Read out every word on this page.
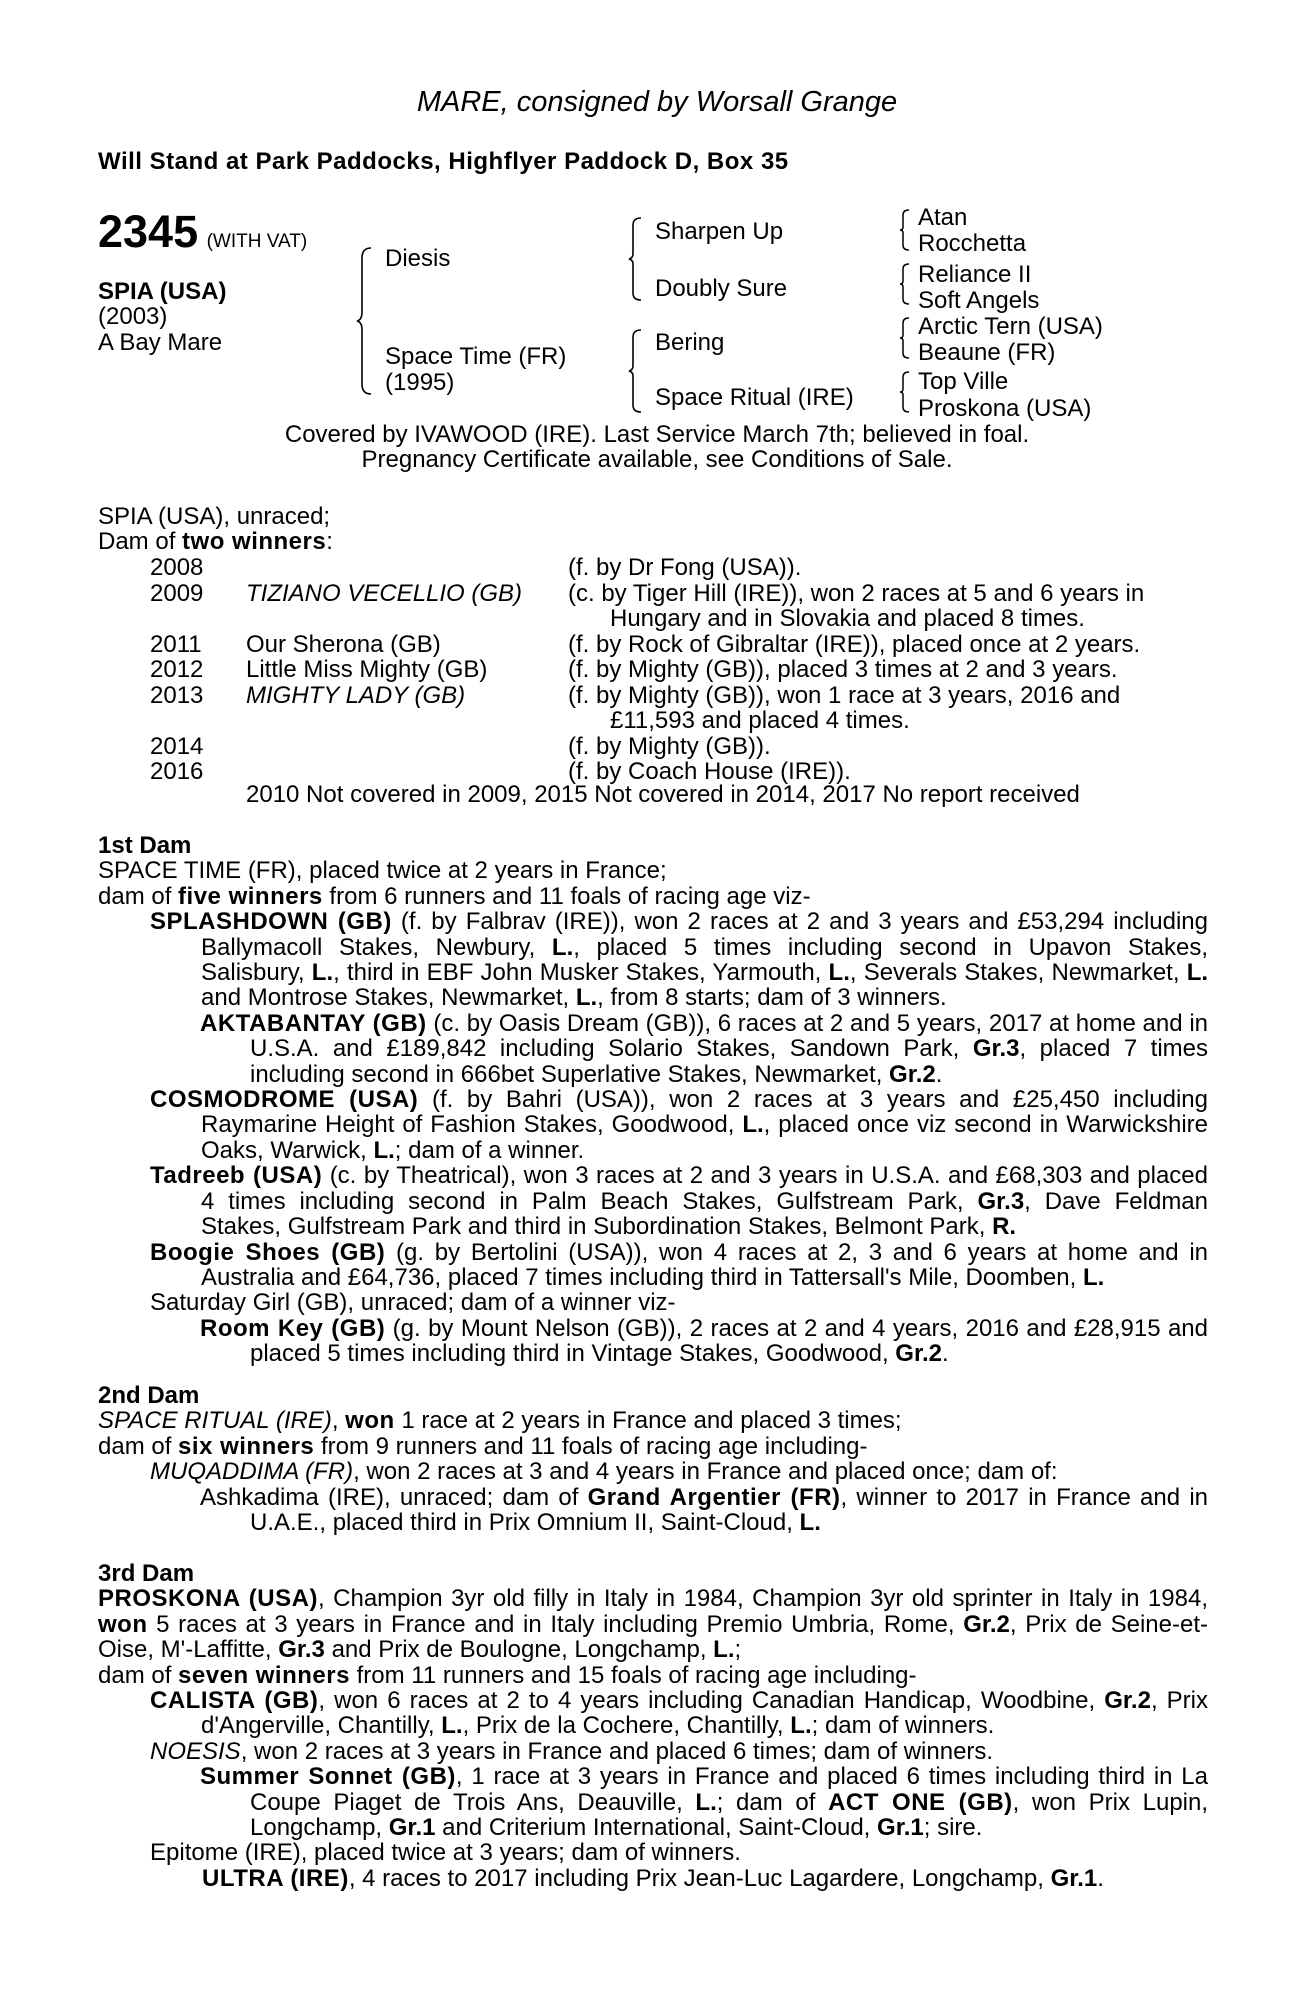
MARE, consigned by Worsall Grange
Will Stand at Park Paddocks, Highflyer Paddock D, Box 35
2345 (WITH VAT)
SPIA (USA)
(2003)
A Bay Mare
Diesis
Space Time (FR)
(1995)
Sharpen Up
Doubly Sure
Bering
Space Ritual (IRE)
Atan
Rocchetta
Reliance II
Soft Angels
Arctic Tern (USA)
Beaune (FR)
Top Ville
Proskona (USA)
Covered by IVAWOOD (IRE). Last Service March 7th; believed in foal.
Pregnancy Certificate available, see Conditions of Sale.
SPIA (USA), unraced;
Dam of two winners:
2008		(f. by Dr Fong (USA)).

2009	TIZIANO VECELLIO (GB)	(c. by Tiger Hill (IRE)), won 2 races at 5 and 6 years in
Hungary and in Slovakia and placed 8 times.

2011	Our Sherona (GB)	(f. by Rock of Gibraltar (IRE)), placed once at 2 years.

2012	Little Miss Mighty (GB)	(f. by Mighty (GB)), placed 3 times at 2 and 3 years.

2013	MIGHTY LADY (GB)	(f. by Mighty (GB)), won 1 race at 3 years, 2016 and
£11,593 and placed 4 times.

2014		(f. by Mighty (GB)).

2016		(f. by Coach House (IRE)).
2010 Not covered in 2009, 2015 Not covered in 2014, 2017 No report received

1st Dam

SPACE TIME (FR), placed twice at 2 years in France;

dam of five winners from 6 runners and 11 foals of racing age viz-

SPLASHDOWN (GB) (f. by Falbrav (IRE)), won 2 races at 2 and 3 years and £53,294 including Ballymacoll Stakes, Newbury, L., placed 5 times including second in Upavon Stakes, Salisbury, L., third in EBF John Musker Stakes, Yarmouth, L., Severals Stakes, Newmarket, L. and Montrose Stakes, Newmarket, L., from 8 starts; dam of 3 winners.

AKTABANTAY (GB) (c. by Oasis Dream (GB)), 6 races at 2 and 5 years, 2017 at home and in U.S.A. and £189,842 including Solario Stakes, Sandown Park, Gr.3, placed 7 times including second in 666bet Superlative Stakes, Newmarket, Gr.2.

COSMODROME (USA) (f. by Bahri (USA)), won 2 races at 3 years and £25,450 including Raymarine Height of Fashion Stakes, Goodwood, L., placed once viz second in Warwickshire Oaks, Warwick, L.; dam of a winner.

Tadreeb (USA) (c. by Theatrical), won 3 races at 2 and 3 years in U.S.A. and £68,303 and placed 4 times including second in Palm Beach Stakes, Gulfstream Park, Gr.3, Dave Feldman Stakes, Gulfstream Park and third in Subordination Stakes, Belmont Park, R.

Boogie Shoes (GB) (g. by Bertolini (USA)), won 4 races at 2, 3 and 6 years at home and in Australia and £64,736, placed 7 times including third in Tattersall's Mile, Doomben, L.

Saturday Girl (GB), unraced; dam of a winner viz-

Room Key (GB) (g. by Mount Nelson (GB)), 2 races at 2 and 4 years, 2016 and £28,915 and placed 5 times including third in Vintage Stakes, Goodwood, Gr.2.

2nd Dam

SPACE RITUAL (IRE), won 1 race at 2 years in France and placed 3 times;

dam of six winners from 9 runners and 11 foals of racing age including-

MUQADDIMA (FR), won 2 races at 3 and 4 years in France and placed once; dam of:

Ashkadima (IRE), unraced; dam of Grand Argentier (FR), winner to 2017 in France and in U.A.E., placed third in Prix Omnium II, Saint-Cloud, L.

3rd Dam

PROSKONA (USA), Champion 3yr old filly in Italy in 1984, Champion 3yr old sprinter in Italy in 1984, won 5 races at 3 years in France and in Italy including Premio Umbria, Rome, Gr.2, Prix de Seine-et-Oise, M'-Laffitte, Gr.3 and Prix de Boulogne, Longchamp, L.;

dam of seven winners from 11 runners and 15 foals of racing age including-

CALISTA (GB), won 6 races at 2 to 4 years including Canadian Handicap, Woodbine, Gr.2, Prix d'Angerville, Chantilly, L., Prix de la Cochere, Chantilly, L.; dam of winners.

NOESIS, won 2 races at 3 years in France and placed 6 times; dam of winners.

Summer Sonnet (GB), 1 race at 3 years in France and placed 6 times including third in La Coupe Piaget de Trois Ans, Deauville, L.; dam of ACT ONE (GB), won Prix Lupin, Longchamp, Gr.1 and Criterium International, Saint-Cloud, Gr.1; sire.

Epitome (IRE), placed twice at 3 years; dam of winners.

ULTRA (IRE), 4 races to 2017 including Prix Jean-Luc Lagardere, Longchamp, Gr.1.
